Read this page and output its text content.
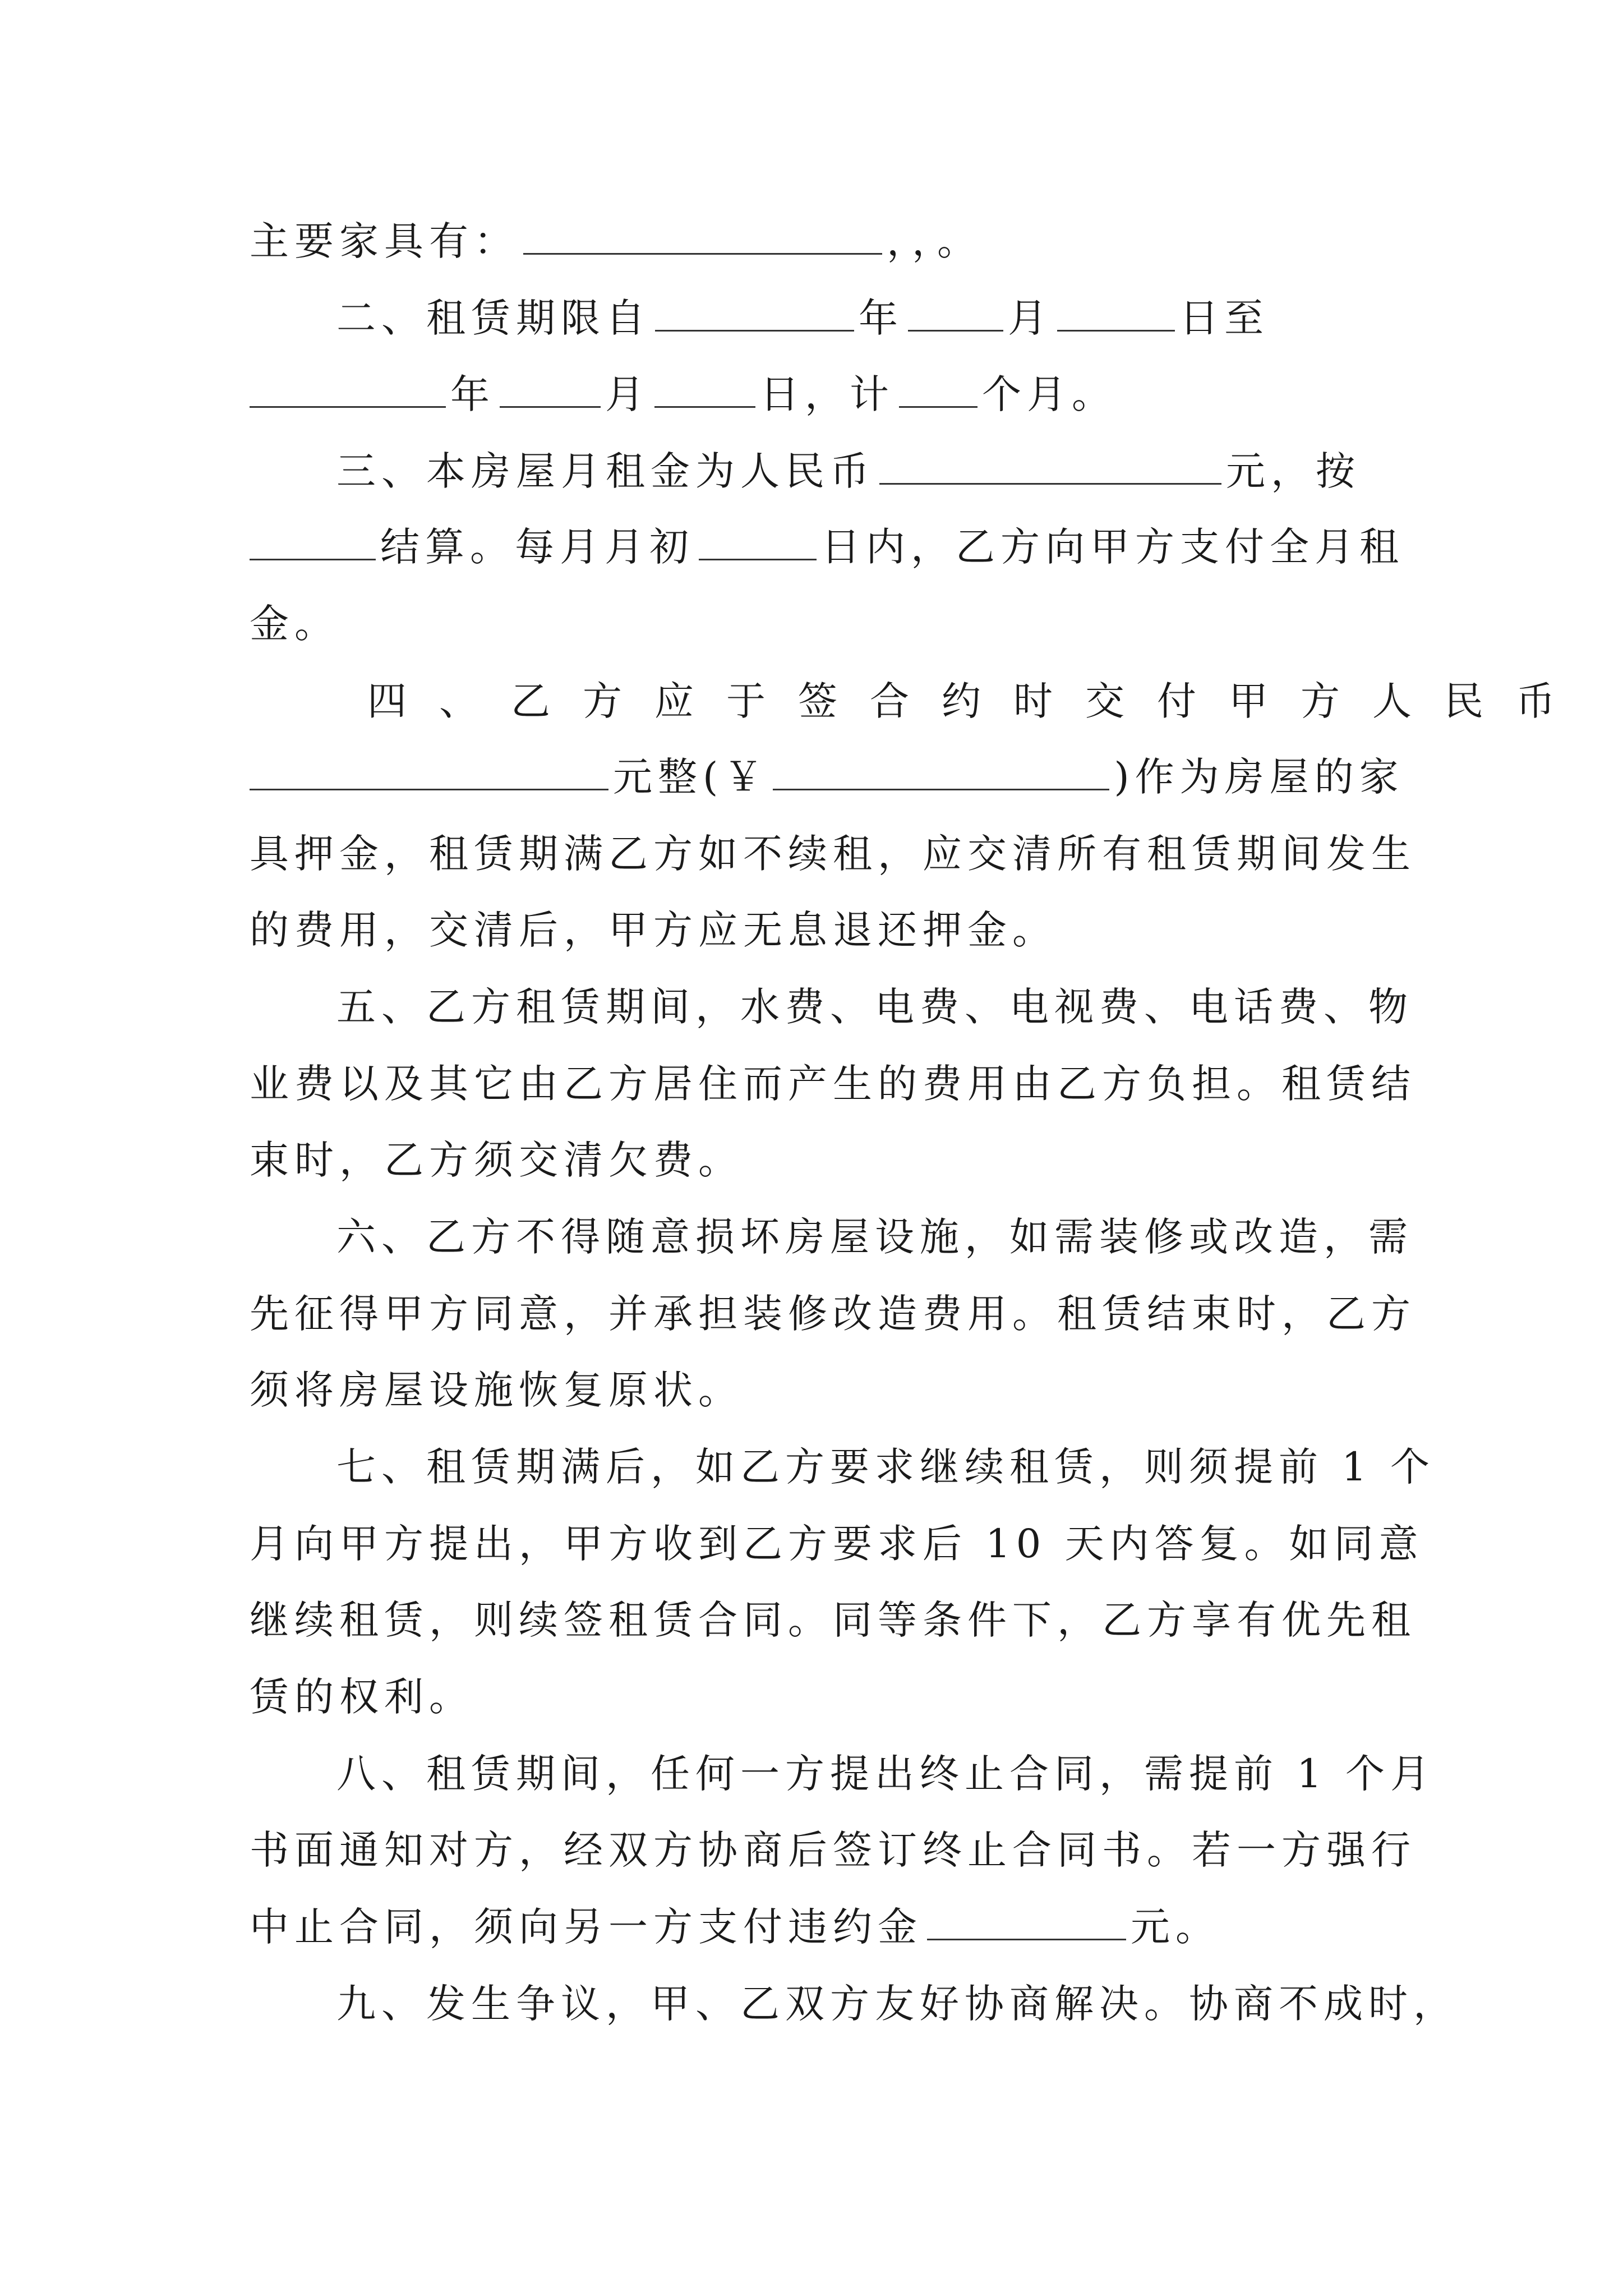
主要家具有：	，，。
二、租赁期限自	年	月	日至
年	月	日，计 个月。
三、本房屋月租金为人民币	元，按
结算。每月月初	日内，乙方向甲方支付全月租
金。
四、乙方应于签合约时交付甲方人民币
元整(￥	)作为房屋的家
具押金，租赁期满乙方如不续租，应交清所有租赁期间发生
的费用，交清后，甲方应无息退还押金。
五、乙方租赁期间，水费、电费、电视费、电话费、物
业费以及其它由乙方居住而产生的费用由乙方负担。租赁结
束时，乙方须交清欠费。
六、乙方不得随意损坏房屋设施，如需装修或改造，需
先征得甲方同意，并承担装修改造费用。租赁结束时，乙方
须将房屋设施恢复原状。
七、租赁期满后，如乙方要求继续租赁，则须提前 1 个
月向甲方提出，甲方收到乙方要求后 10 天内答复。如同意
继续租赁，则续签租赁合同。同等条件下，乙方享有优先租
赁的权利。
八、租赁期间，任何一方提出终止合同，需提前 1 个月
书面通知对方，经双方协商后签订终止合同书。若一方强行
中止合同，须向另一方支付违约金	元。
九、发生争议，甲、乙双方友好协商解决。协商不成时，
